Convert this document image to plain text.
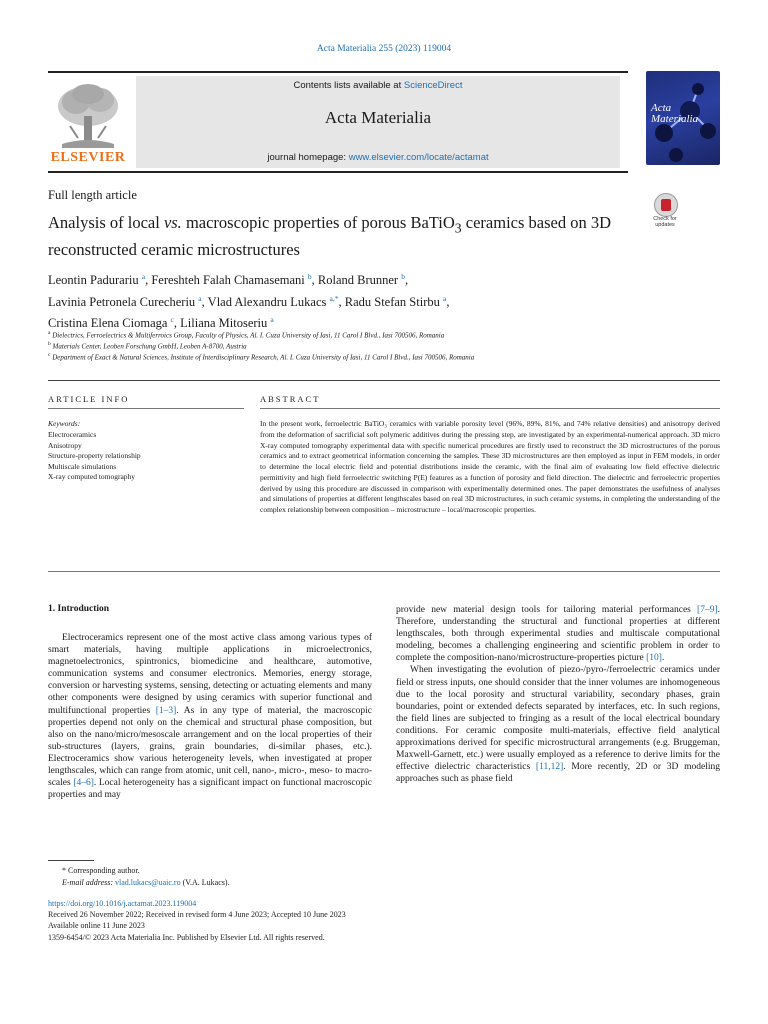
Acta Materialia 255 (2023) 119004
ELSEVIER
Contents lists available at ScienceDirect
Acta Materialia
journal homepage: www.elsevier.com/locate/actamat
Acta Materialia
Check for updates
Full length article
Analysis of local vs. macroscopic properties of porous BaTiO$_3$ ceramics based on 3D reconstructed ceramic microstructures
Leontin Padurariu $^a$, Fereshteh Falah Chamasemani $^b$, Roland Brunner $^b$,
Lavinia Petronela Curecheriu $^a$, Vlad Alexandru Lukacs $^{a,*}$, Radu Stefan Stirbu $^a$,
Cristina Elena Ciomaga $^c$, Liliana Mitoseriu $^a$
$^a$ Dielectrics, Ferroelectrics & Multiferroics Group, Faculty of Physics, Al. I. Cuza University of Iasi, 11 Carol I Blvd., Iasi 700506, Romania
$^b$ Materials Center, Leoben Forschung GmbH, Leoben A-8700, Austria
$^c$ Department of Exact & Natural Sciences, Institute of Interdisciplinary Research, Al. I. Cuza University of Iasi, 11 Carol I Blvd., Iasi 700506, Romania
ARTICLE INFO
Keywords:
Electroceramics
Anisotropy
Structure-property relationship
Multiscale simulations
X-ray computed tomography
ABSTRACT
In the present work, ferroelectric BaTiO₃ ceramics with variable porosity level (96%, 89%, 81%, and 74% relative densities) and anisotropy derived from the deformation of sacrificial soft polymeric additives during the pressing step, are investigated by an experimental-numerical approach. 3D micro X-ray computed tomography experimental data with specific numerical procedures are firstly used to reconstruct the 3D microstructures of the porous ceramics and to extract geometrical information concerning the samples. These 3D microstructures are then employed as input in FEM models, in order to determine the local electric field and potential distributions inside the ceramic, with the final aim of evaluating low field effective dielectric permittivity and high field ferroelectric switching P(E) features as a function of porosity and field direction. The dielectric and ferroelectric properties derived by using this procedure are discussed in comparison with experimentally determined ones. The paper demonstrates the usefulness of analyses and simulations of properties at different lengthscales based on real 3D microstructures, in such ceramic systems, in completing the understanding of the complex relationship between composition – microstructure – local/macroscopic properties.
1. Introduction

Electroceramics represent one of the most active class among various types of smart materials, having multiple applications in microelectronics, magnetoelectronics, spintronics, biomedicine and healthcare, automotive, communication systems and consumer electronics. Memories, energy storage, conversion or harvesting systems, sensing, detecting or actuating elements and many other components were designed by using ceramics with superior functional and multifunctional properties [1–3]. As in any type of material, the macroscopic properties depend not only on the chemical and structural phase composition, but also on the nano/micro/mesoscale arrangement and on the local properties of their sub-structures (layers, grains, grain boundaries, di-similar phases, etc.). Electroceramics show various heterogeneity levels, when investigated at proper lengthscales, which can range from atomic, unit cell, nano-, micro-, meso- to macro-scales [4–6]. Local heterogeneity has a significant impact on functional macroscopic properties and may

provide new material design tools for tailoring material performances [7–9]. Therefore, understanding the structural and functional properties at different lengthscales, both through experimental studies and multiscale computational modeling, becomes a challenging engineering and scientific problem in order to complete the composition-nano/microstructure-properties picture [10].

When investigating the evolution of piezo-/pyro-/ferroelectric ceramics under field or stress inputs, one should consider that the inner volumes are inhomogeneous due to the local porosity and structural variability, secondary phases, grain boundaries, point or extended defects separated by interfaces, etc. In such regions, the field lines are subjected to fringing as a result of the local electrical boundary conditions. For ceramic composite multi-materials, effective field analytical approximations derived for specific microstructural arrangements (e.g. Bruggeman, Maxwell-Garnett, etc.) were usually employed as a reference to derive limits for the effective dielectric characteristics [11,12]. More recently, 2D or 3D modeling approaches such as phase field

* Corresponding author.
E-mail address: vlad.lukacs@uaic.ro (V.A. Lukacs).
https://doi.org/10.1016/j.actamat.2023.119004
Received 26 November 2022; Received in revised form 4 June 2023; Accepted 10 June 2023
Available online 11 June 2023
1359-6454/© 2023 Acta Materialia Inc. Published by Elsevier Ltd. All rights reserved.
